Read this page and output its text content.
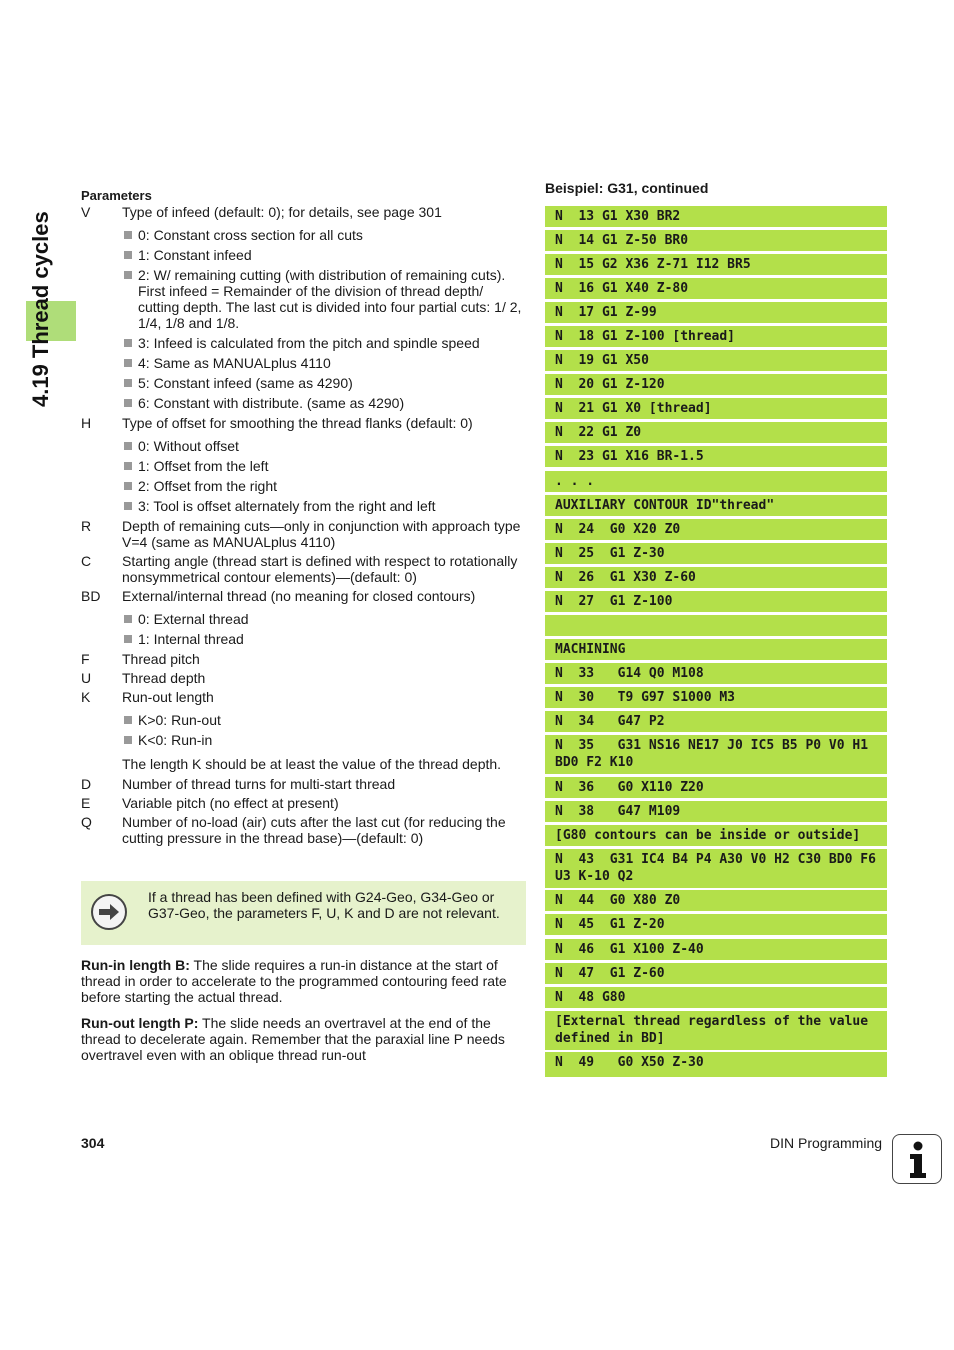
4.19 Thread cycles
Parameters
V	Type of infeed (default: 0); for details, see page 301
0: Constant cross section for all cuts
1: Constant infeed
2: W/ remaining cutting (with distribution of remaining cuts). First infeed = Remainder of the division of thread depth/ cutting depth. The last cut is divided into four partial cuts: 1/ 2, 1/4, 1/8 and 1/8.
3: Infeed is calculated from the pitch and spindle speed
4: Same as MANUALplus 4110
5: Constant infeed (same as 4290)
6: Constant with distribute. (same as 4290)
H	Type of offset for smoothing the thread flanks (default: 0)
0: Without offset
1: Offset from the left
2: Offset from the right
3: Tool is offset alternately from the right and left
R	Depth of remaining cuts—only in conjunction with approach type V=4 (same as MANUALplus 4110)
C	Starting angle (thread start is defined with respect to rotationally nonsymmetrical contour elements)—(default: 0)
BD	External/internal thread (no meaning for closed contours)
0: External thread
1: Internal thread
F	Thread pitch
U	Thread depth
K	Run-out length
K>0: Run-out
K<0: Run-in
The length K should be at least the value of the thread depth.
D	Number of thread turns for multi-start thread
E	Variable pitch (no effect at present)
Q	Number of no-load (air) cuts after the last cut (for reducing the cutting pressure in the thread base)—(default: 0)
If a thread has been defined with G24-Geo, G34-Geo or G37-Geo, the parameters F, U, K and D are not relevant.
Run-in length B: The slide requires a run-in distance at the start of thread in order to accelerate to the programmed contouring feed rate before starting the actual thread.
Run-out length P: The slide needs an overtravel at the end of the thread to decelerate again. Remember that the paraxial line P needs overtravel even with an oblique thread run-out
Beispiel: G31, continued
N  13 G1 X30 BR2
N  14 G1 Z-50 BR0
N  15 G2 X36 Z-71 I12 BR5
N  16 G1 X40 Z-80
N  17 G1 Z-99
N  18 G1 Z-100 [thread]
N  19 G1 X50
N  20 G1 Z-120
N  21 G1 X0 [thread]
N  22 G1 Z0
N  23 G1 X16 BR-1.5
. . .
AUXILIARY CONTOUR ID"thread"
N  24  G0 X20 Z0
N  25  G1 Z-30
N  26  G1 X30 Z-60
N  27  G1 Z-100
MACHINING
N  33   G14 Q0 M108
N  30   T9 G97 S1000 M3
N  34   G47 P2
N  35   G31 NS16 NE17 J0 IC5 B5 P0 V0 H1 BD0 F2 K10
N  36   G0 X110 Z20
N  38   G47 M109
[G80 contours can be inside or outside]
N  43  G31 IC4 B4 P4 A30 V0 H2 C30 BD0 F6 U3 K-10 Q2
N  44  G0 X80 Z0
N  45  G1 Z-20
N  46  G1 X100 Z-40
N  47  G1 Z-60
N  48 G80
[External thread regardless of the value defined in BD]
N  49   G0 X50 Z-30
304	DIN Programming
